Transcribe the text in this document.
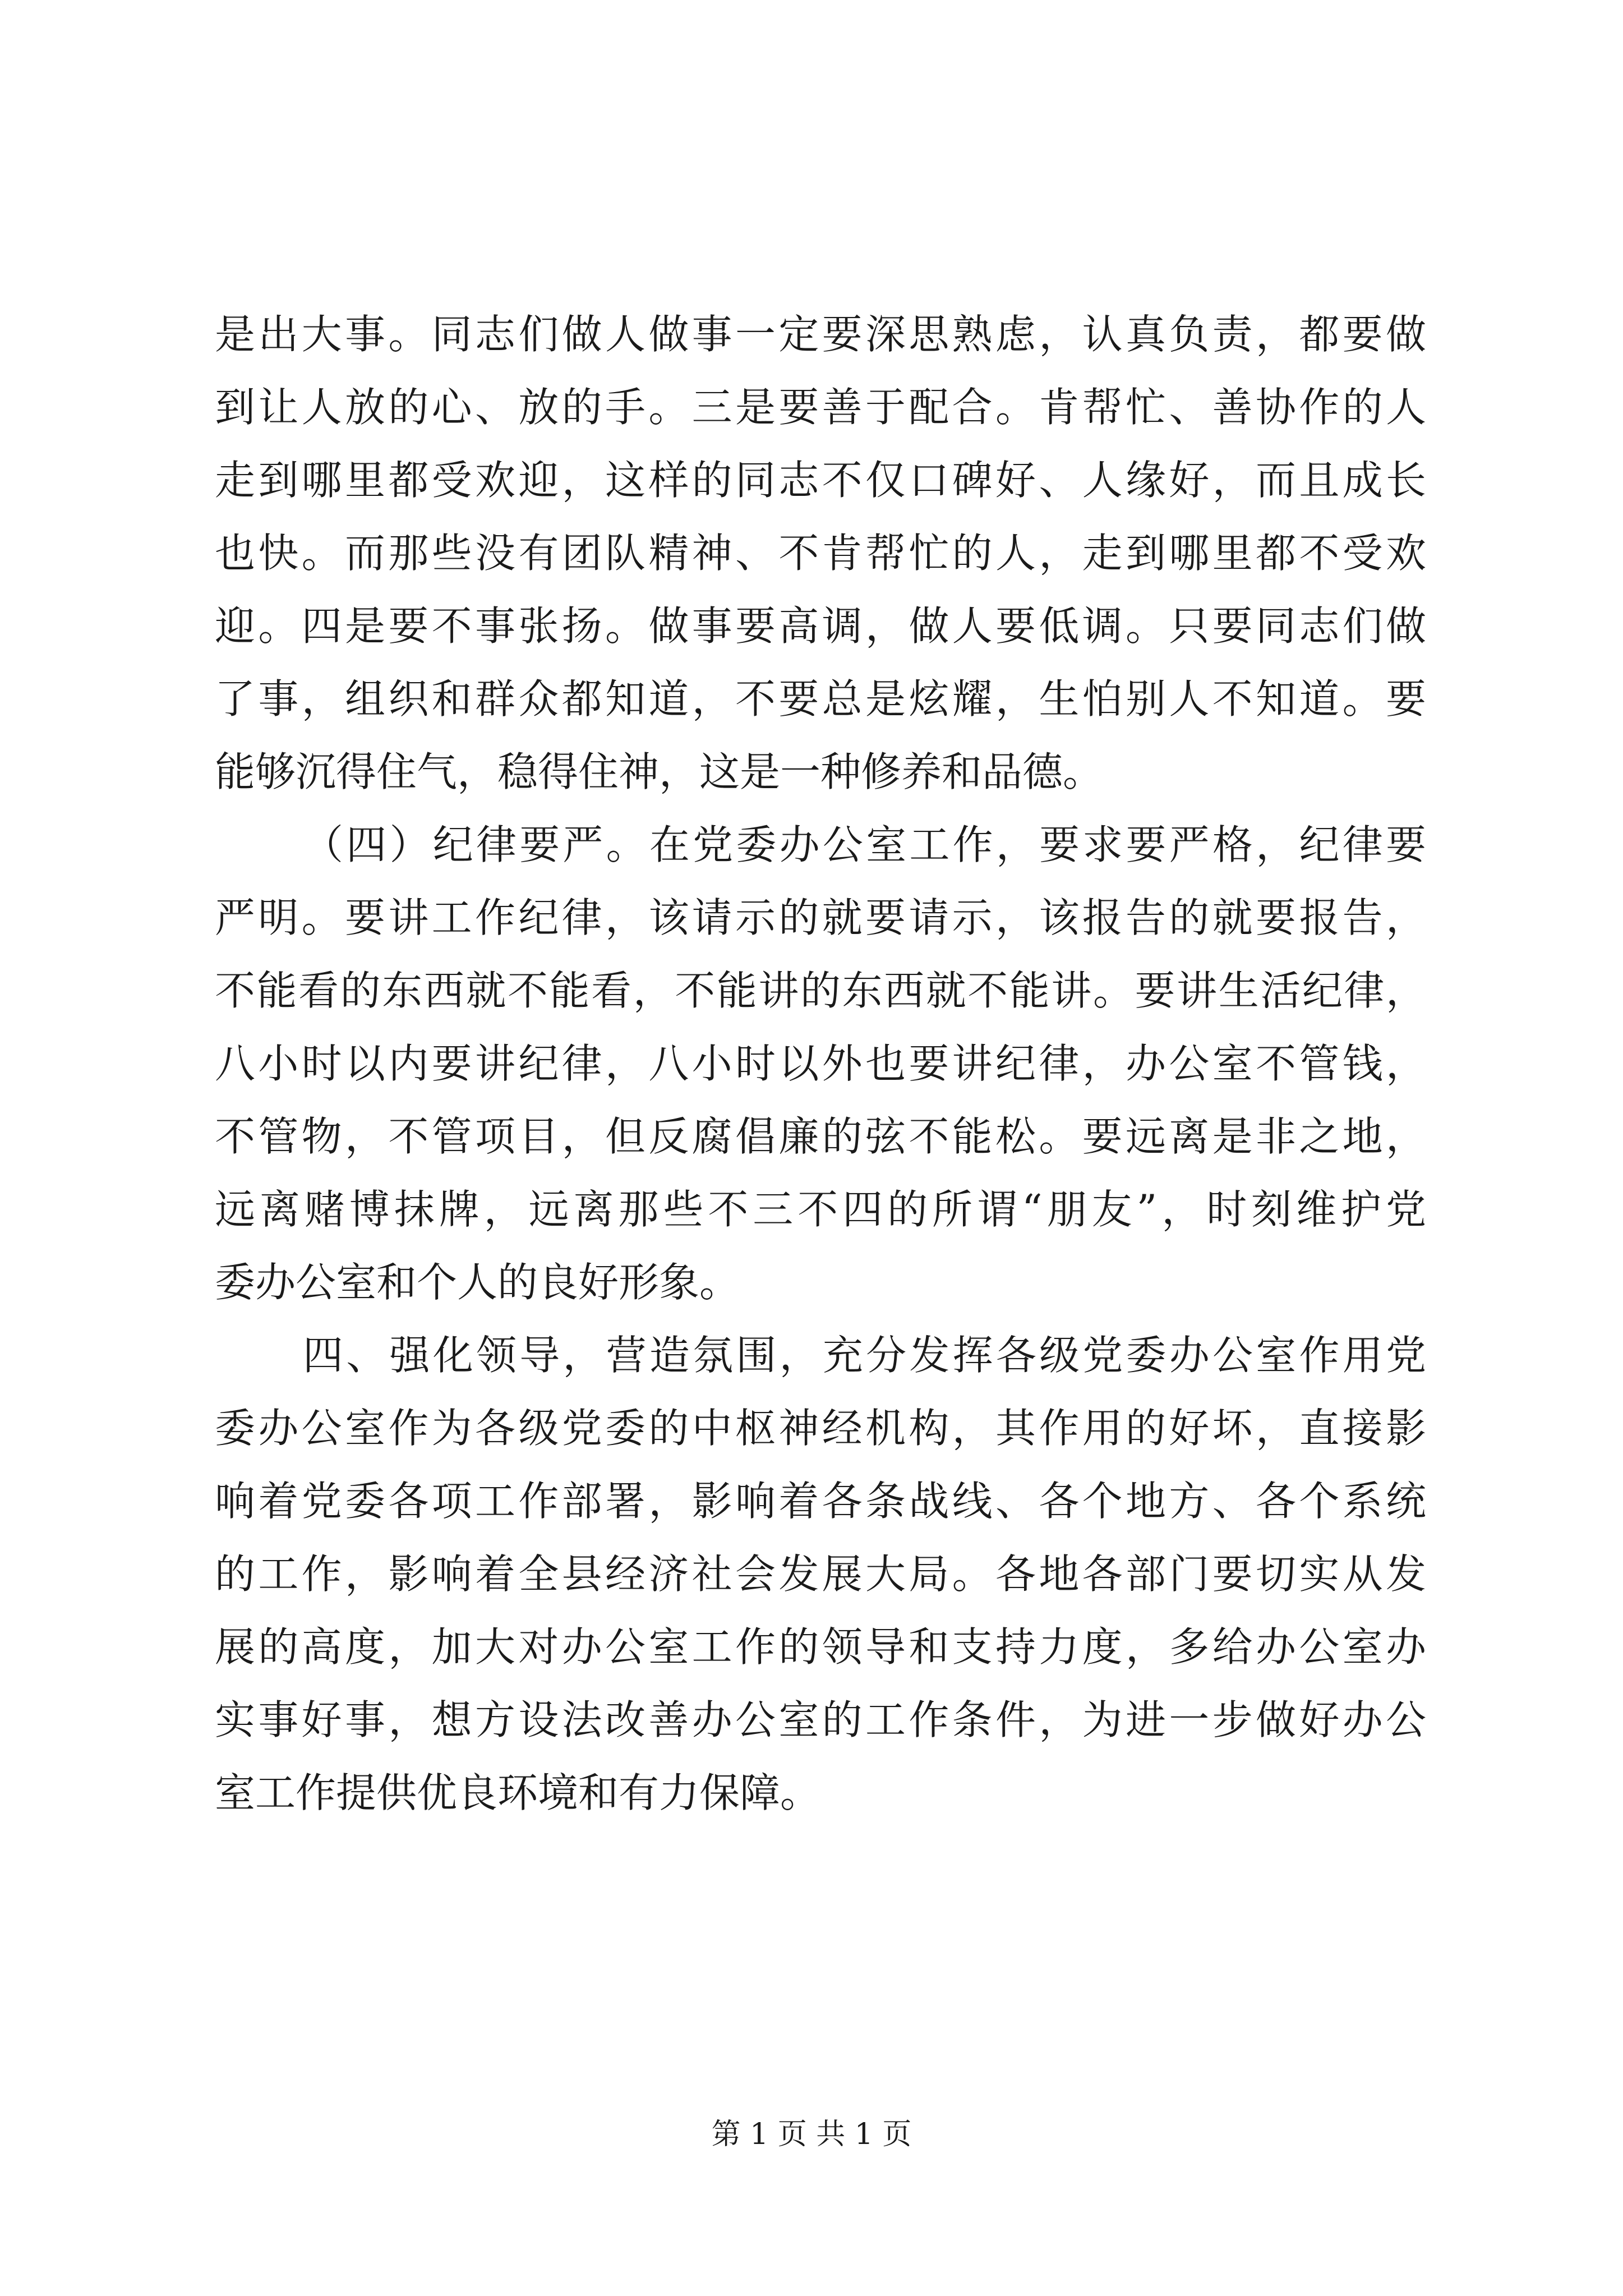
是出大事。同志们做人做事一定要深思熟虑，认真负责，都要做
到让人放的心、放的手。三是要善于配合。肯帮忙、善协作的人
走到哪里都受欢迎，这样的同志不仅口碑好、人缘好，而且成长
也快。而那些没有团队精神、不肯帮忙的人，走到哪里都不受欢
迎。四是要不事张扬。做事要高调，做人要低调。只要同志们做
了事，组织和群众都知道，不要总是炫耀，生怕别人不知道。要
能够沉得住气，稳得住神，这是一种修养和品德。
（四）纪律要严。在党委办公室工作，要求要严格，纪律要
严明。要讲工作纪律，该请示的就要请示，该报告的就要报告，
不能看的东西就不能看，不能讲的东西就不能讲。要讲生活纪律，
八小时以内要讲纪律，八小时以外也要讲纪律，办公室不管钱，
不管物，不管项目，但反腐倡廉的弦不能松。要远离是非之地，
远离赌博抹牌，远离那些不三不四的所谓“朋友”，时刻维护党
委办公室和个人的良好形象。
四、强化领导，营造氛围，充分发挥各级党委办公室作用党
委办公室作为各级党委的中枢神经机构，其作用的好坏，直接影
响着党委各项工作部署，影响着各条战线、各个地方、各个系统
的工作，影响着全县经济社会发展大局。各地各部门要切实从发
展的高度，加大对办公室工作的领导和支持力度，多给办公室办
实事好事，想方设法改善办公室的工作条件，为进一步做好办公
室工作提供优良环境和有力保障。
第 1 页 共 1 页
